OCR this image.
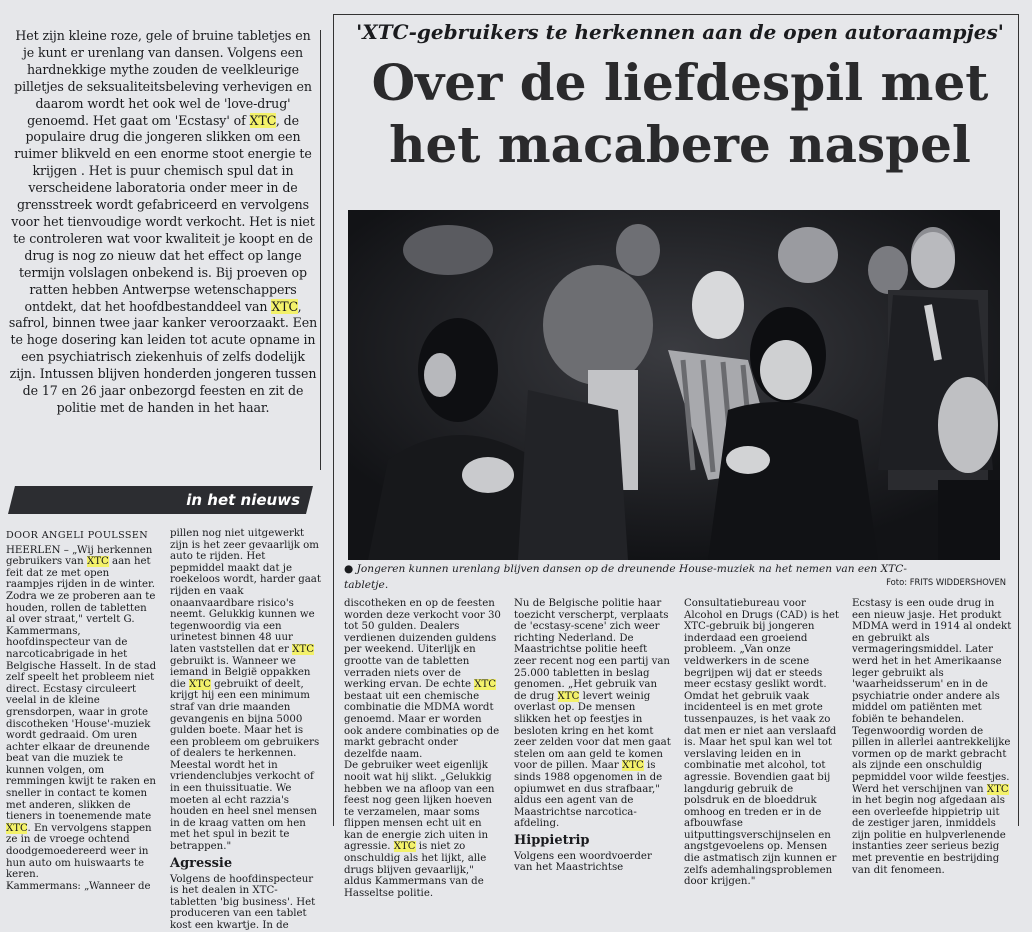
Het zijn kleine roze, gele of bruine tabletjes en je kunt er urenlang van dansen. Volgens een hardnekkige mythe zouden de veelkleurige pilletjes de seksualiteitsbeleving verhevigen en daarom wordt het ook wel de 'love-drug' genoemd. Het gaat om 'Ecstasy' of XTC, de populaire drug die jongeren slikken om een ruimer blikveld en een enorme stoot energie te krijgen . Het is puur chemisch spul dat in verscheidene laboratoria onder meer in de grensstreek wordt gefabriceerd en vervolgens voor het tienvoudige wordt verkocht. Het is niet te controleren wat voor kwaliteit je koopt en de drug is nog zo nieuw dat het effect op lange termijn volslagen onbekend is. Bij proeven op ratten hebben Antwerpse wetenschappers ontdekt, dat het hoofdbestanddeel van XTC, safrol, binnen twee jaar kanker veroorzaakt. Een te hoge dosering kan leiden tot acute opname in een psychiatrisch ziekenhuis of zelfs dodelijk zijn. Intussen blijven honderden jongeren tussen de 17 en 26 jaar onbezorgd feesten en zit de politie met de handen in het haar.
in het nieuws
'XTC-gebruikers te herkennen aan de open autoraampjes'
Over de liefdespil met
het macabere naspel
● Jongeren kunnen urenlang blijven dansen op de dreunende House-muziek na het nemen van een XTC-tabletje.	Foto: FRITS WIDDERSHOVEN

DOOR ANGELI POULSSEN

HEERLEN – „Wij herkennen gebruikers van XTC aan het feit dat ze met open raampjes rijden in de winter. Zodra we ze proberen aan te houden, rollen de tabletten al over straat," vertelt G. Kammermans, hoofdinspecteur van de narcoticabrigade in het Belgische Hasselt. In de stad zelf speelt het probleem niet direct. Ecstasy circuleert veelal in de kleine grensdorpen, waar in grote discotheken 'House'-muziek wordt gedraaid. Om uren achter elkaar de dreunende beat van die muziek te kunnen volgen, om remmingen kwijt te raken en sneller in contact te komen met anderen, slikken de tieners in toenemende mate XTC. En vervolgens stappen ze in de vroege ochtend doodgemoedereerd weer in hun auto om huiswaarts te keren.

Kammermans: „Wanneer de

pillen nog niet uitgewerkt zijn is het zeer gevaarlijk om auto te rijden. Het pepmiddel maakt dat je roekeloos wordt, harder gaat rijden en vaak onaanvaardbare risico's neemt. Gelukkig kunnen we tegenwoordig via een urinetest binnen 48 uur laten vaststellen dat er XTC gebruikt is. Wanneer we iemand in België oppakken die XTC gebruikt of deelt, krijgt hij een een minimum straf van drie maanden gevangenis en bijna 5000 gulden boete. Maar het is een probleem om gebruikers of dealers te herkennen. Meestal wordt het in vriendenclubjes verkocht of in een thuissituatie. We moeten al echt razzia's houden en heel snel mensen in de kraag vatten om hen met het spul in bezit te betrappen."

Agressie

Volgens de hoofdinspecteur is het dealen in XTC-tabletten 'big business'. Het produceren van een tablet kost een kwartje. In de

discotheken en op de feesten worden deze verkocht voor 30 tot 50 gulden. Dealers verdienen duizenden guldens per weekend. Uiterlijk en grootte van de tabletten verraden niets over de werking ervan. De echte XTC bestaat uit een chemische combinatie die MDMA wordt genoemd. Maar er worden ook andere combinaties op de markt gebracht onder dezelfde naam.

De gebruiker weet eigenlijk nooit wat hij slikt. „Gelukkig hebben we na afloop van een feest nog geen lijken hoeven te verzamelen, maar soms flippen mensen echt uit en kan de energie zich uiten in agressie. XTC is niet zo onschuldig als het lijkt, alle drugs blijven gevaarlijk," aldus Kammermans van de Hasseltse politie.

Nu de Belgische politie haar toezicht verscherpt, verplaats de 'ecstasy-scene' zich weer richting Nederland. De Maastrichtse politie heeft zeer recent nog een partij van 25.000 tabletten in beslag genomen. „Het gebruik van de drug XTC levert weinig overlast op. De mensen slikken het op feestjes in besloten kring en het komt zeer zelden voor dat men gaat stelen om aan geld te komen voor de pillen. Maar XTC is sinds 1988 opgenomen in de opiumwet en dus strafbaar," aldus een agent van de Maastrichtse narcotica-afdeling.

Hippietrip

Volgens een woordvoerder van het Maastrichtse

Consultatiebureau voor Alcohol en Drugs (CAD) is het XTC-gebruik bij jongeren inderdaad een groeiend probleem. „Van onze veldwerkers in de scene begrijpen wij dat er steeds meer ecstasy geslikt wordt. Omdat het gebruik vaak incidenteel is en met grote tussenpauzes, is het vaak zo dat men er niet aan verslaafd is. Maar het spul kan wel tot verslaving leiden en in combinatie met alcohol, tot agressie. Bovendien gaat bij langdurig gebruik de polsdruk en de bloeddruk omhoog en treden er in de afbouwfase uitputtingsverschijnselen en angstgevoelens op. Mensen die astmatisch zijn kunnen er zelfs ademhalingsproblemen door krijgen."

Ecstasy is een oude drug in een nieuw jasje. Het produkt MDMA werd in 1914 al ondekt en gebruikt als vermageringsmiddel. Later werd het in het Amerikaanse leger gebruikt als 'waarheidsserum' en in de psychiatrie onder andere als middel om patiënten met fobiën te behandelen.

Tegenwoordig worden de pillen in allerlei aantrekkelijke vormen op de markt gebracht als zijnde een onschuldig pepmiddel voor wilde feestjes. Werd het verschijnen van XTC in het begin nog afgedaan als een overleefde hippietrip uit de zestiger jaren, inmiddels zijn politie en hulpverlenende instanties zeer serieus bezig met preventie en bestrijding van dit fenomeen.
